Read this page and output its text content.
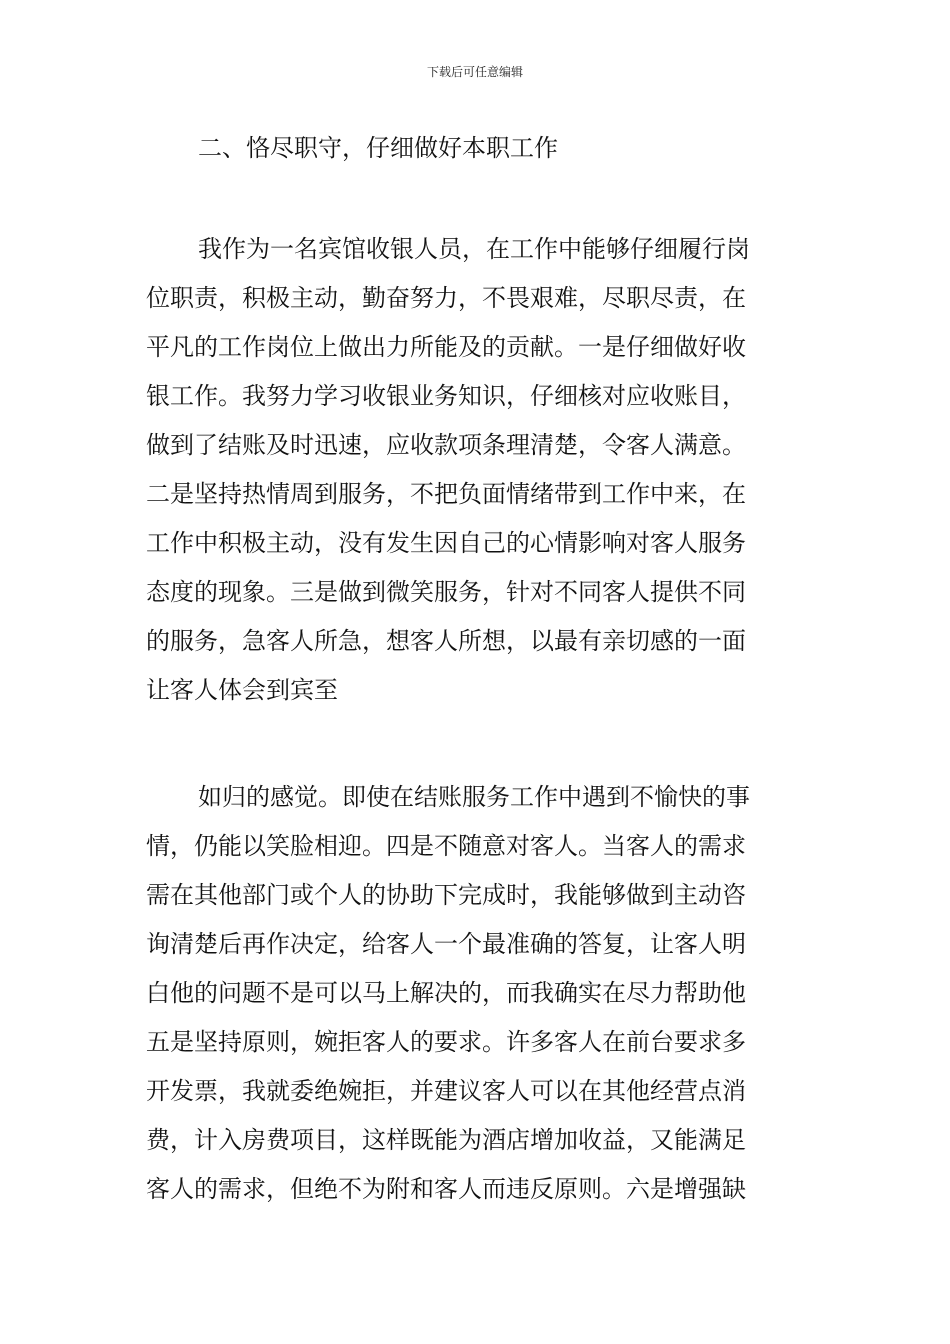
下载后可任意编辑
二、恪尽职守，仔细做好本职工作
我作为一名宾馆收银人员，在工作中能够仔细履行岗
位职责，积极主动，勤奋努力，不畏艰难，尽职尽责，在
平凡的工作岗位上做出力所能及的贡献。一是仔细做好收
银工作。我努力学习收银业务知识，仔细核对应收账目，
做到了结账及时迅速，应收款项条理清楚，令客人满意。
二是坚持热情周到服务，不把负面情绪带到工作中来，在
工作中积极主动，没有发生因自己的心情影响对客人服务
态度的现象。三是做到微笑服务，针对不同客人提供不同
的服务，急客人所急，想客人所想，以最有亲切感的一面
让客人体会到宾至
如归的感觉。即使在结账服务工作中遇到不愉快的事
情，仍能以笑脸相迎。四是不随意对客人。当客人的需求
需在其他部门或个人的协助下完成时，我能够做到主动咨
询清楚后再作决定，给客人一个最准确的答复，让客人明
白他的问题不是可以马上解决的，而我确实在尽力帮助他
五是坚持原则，婉拒客人的要求。许多客人在前台要求多
开发票，我就委绝婉拒，并建议客人可以在其他经营点消
费，计入房费项目，这样既能为酒店增加收益，又能满足
客人的需求，但绝不为附和客人而违反原则。六是增强缺
